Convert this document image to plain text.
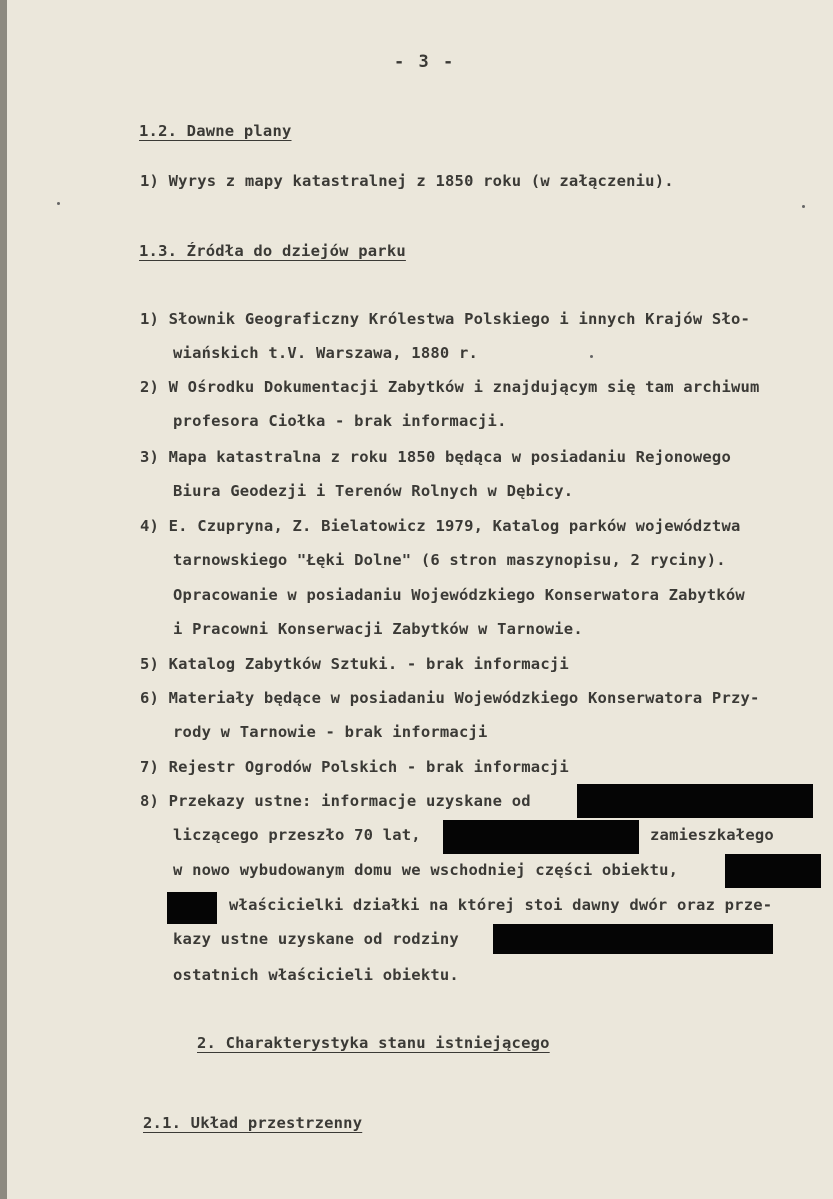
- 3 -
1.2. Dawne plany
1) Wyrys z mapy katastralnej z 1850 roku (w załączeniu).
1.3. Źródła do dziejów parku
1) Słownik Geograficzny Królestwa Polskiego i innych Krajów Sło-
wiańskich t.V. Warszawa, 1880 r.
2) W Ośrodku Dokumentacji Zabytków i znajdującym się tam archiwum
profesora Ciołka - brak informacji.
3) Mapa katastralna z roku 1850 będąca w posiadaniu Rejonowego
Biura Geodezji i Terenów Rolnych w Dębicy.
4) E. Czupryna, Z. Bielatowicz 1979, Katalog parków województwa
tarnowskiego "Łęki Dolne" (6 stron maszynopisu, 2 ryciny).
Opracowanie w posiadaniu Wojewódzkiego Konserwatora Zabytków
i Pracowni Konserwacji Zabytków w Tarnowie.
5) Katalog Zabytków Sztuki. - brak informacji
6) Materiały będące w posiadaniu Wojewódzkiego Konserwatora Przy-
rody w Tarnowie - brak informacji
7) Rejestr Ogrodów Polskich - brak informacji
8) Przekazy ustne: informacje uzyskane od
liczącego przeszło 70 lat,	zamieszkałego
w nowo wybudowanym domu we wschodniej części obiektu,
właścicielki działki na której stoi dawny dwór oraz prze-
kazy ustne uzyskane od rodziny
ostatnich właścicieli obiektu.
2. Charakterystyka stanu istniejącego
2.1. Układ przestrzenny
